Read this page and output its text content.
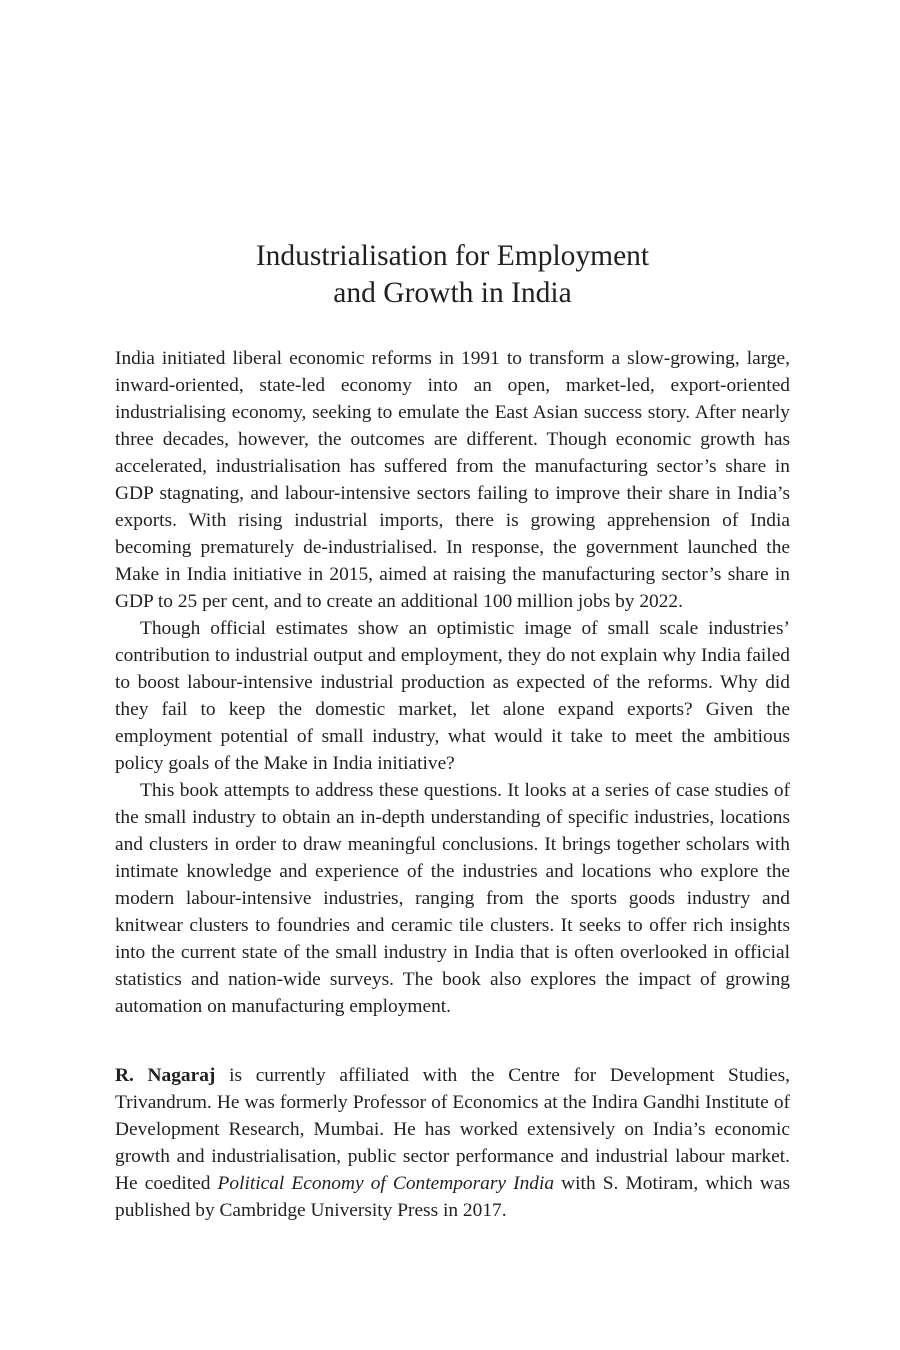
Industrialisation for Employment
and Growth in India

India initiated liberal economic reforms in 1991 to transform a slow-growing, large, inward-oriented, state-led economy into an open, market-led, export-oriented industrialising economy, seeking to emulate the East Asian success story. After nearly three decades, however, the outcomes are different. Though economic growth has accelerated, industrialisation has suffered from the manufacturing sector’s share in GDP stagnating, and labour-intensive sectors failing to improve their share in India’s exports. With rising industrial imports, there is growing apprehension of India becoming prematurely de-industrialised. In response, the government launched the Make in India initiative in 2015, aimed at raising the manufacturing sector’s share in GDP to 25 per cent, and to create an additional 100 million jobs by 2022.

Though official estimates show an optimistic image of small scale industries’ contribution to industrial output and employment, they do not explain why India failed to boost labour-intensive industrial production as expected of the reforms. Why did they fail to keep the domestic market, let alone expand exports? Given the employment potential of small industry, what would it take to meet the ambitious policy goals of the Make in India initiative?

This book attempts to address these questions. It looks at a series of case studies of the small industry to obtain an in-depth understanding of specific industries, locations and clusters in order to draw meaningful conclusions. It brings together scholars with intimate knowledge and experience of the industries and locations who explore the modern labour-intensive industries, ranging from the sports goods industry and knitwear clusters to foundries and ceramic tile clusters. It seeks to offer rich insights into the current state of the small industry in India that is often overlooked in official statistics and nation-wide surveys. The book also explores the impact of growing automation on manufacturing employment.

R. Nagaraj is currently affiliated with the Centre for Development Studies, Trivandrum. He was formerly Professor of Economics at the Indira Gandhi Institute of Development Research, Mumbai. He has worked extensively on India’s economic growth and industrialisation, public sector performance and industrial labour market. He coedited Political Economy of Contemporary India with S. Motiram, which was published by Cambridge University Press in 2017.
